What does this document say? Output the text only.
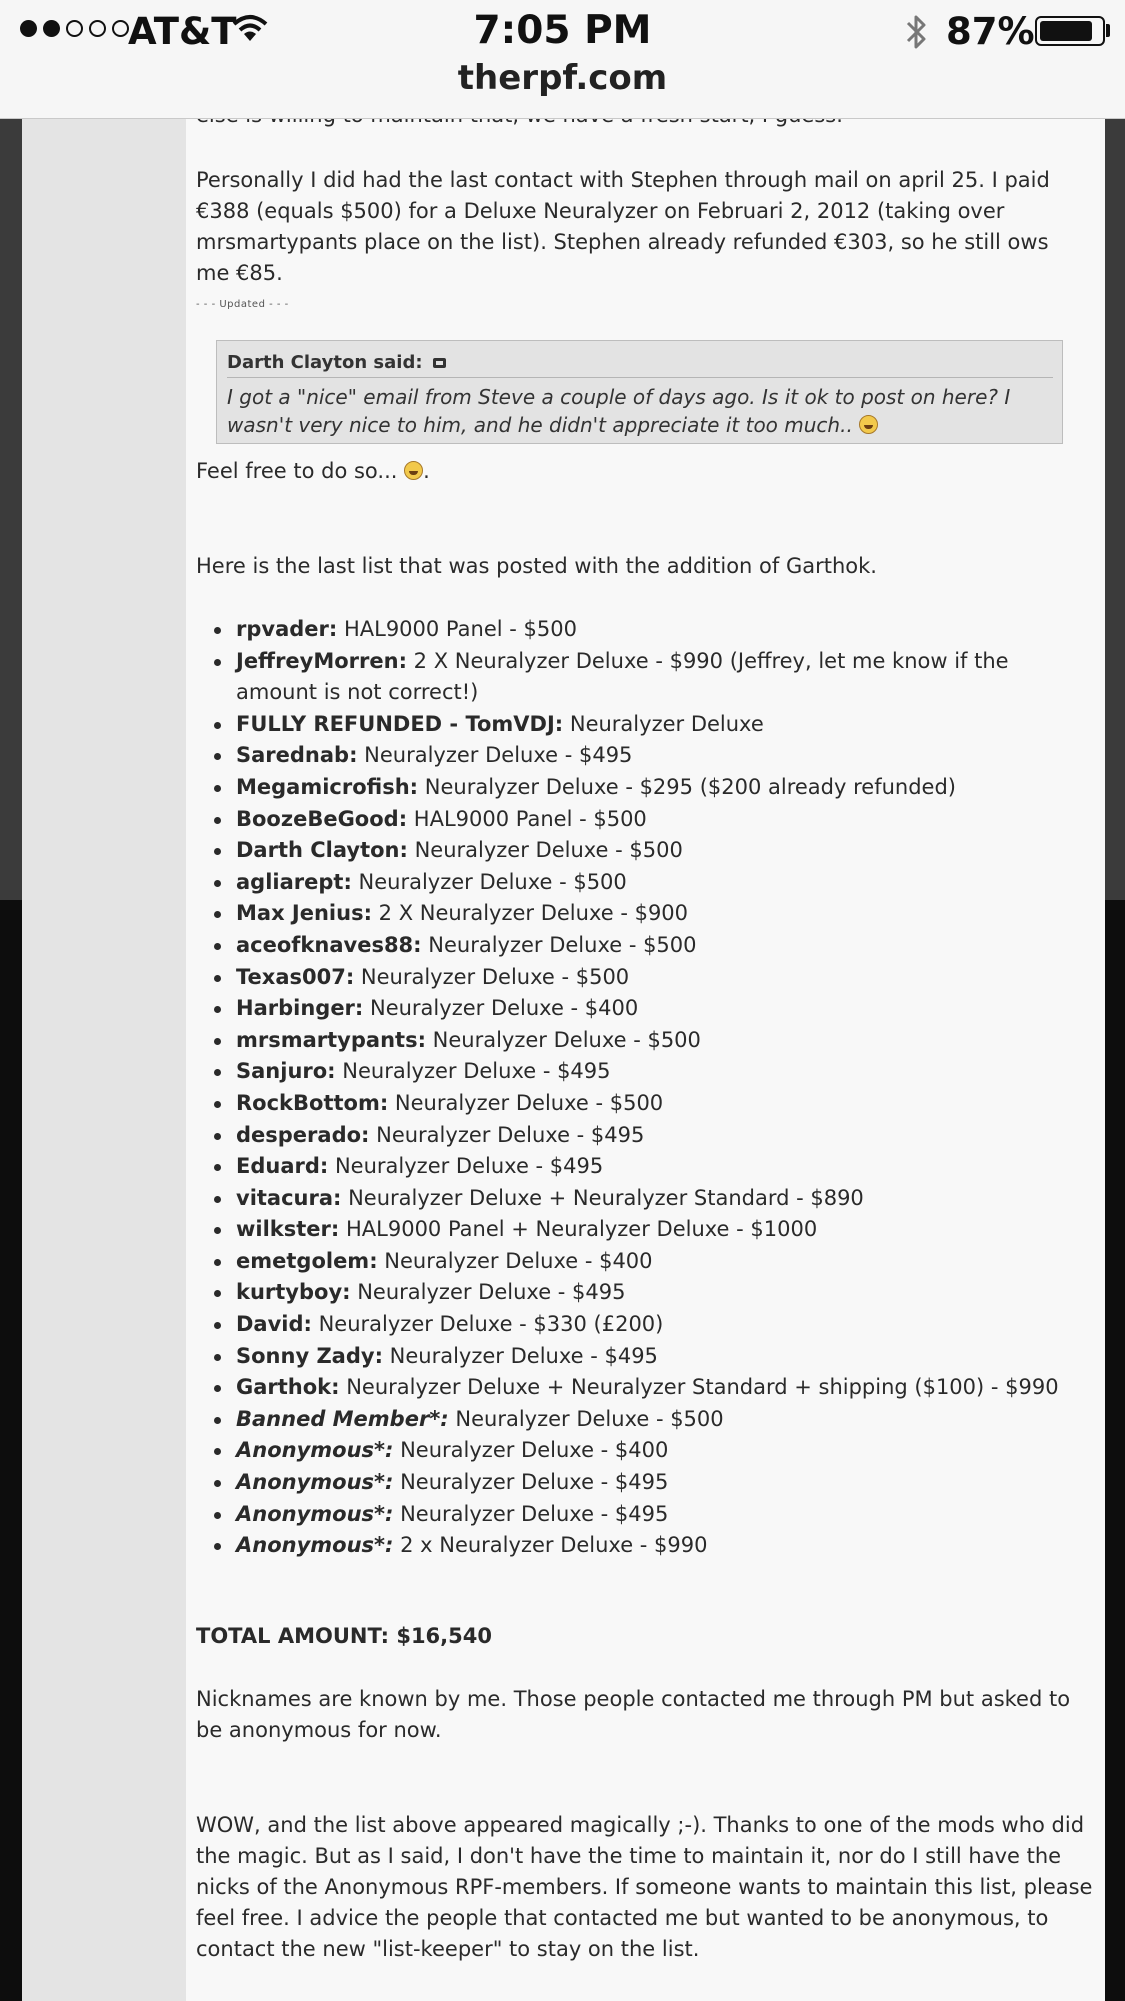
Personally I did had the last contact with Stephen through mail on april 25. I paid €388 (equals $500) for a Deluxe Neuralyzer on Februari 2, 2012 (taking over mrsmartypants place on the list). Stephen already refunded €303, so he still ows me €85.

- - - Updated - - -
Darth Clayton said:
I got a "nice" email from Steve a couple of days ago. Is it ok to post on here? I wasn't very nice to him, and he didn't appreciate it too much..

Feel free to do so... .

Here is the last list that was posted with the addition of Garthok.

rpvader: HAL9000 Panel - $500
JeffreyMorren: 2 X Neuralyzer Deluxe - $990 (Jeffrey, let me know if the amount is not correct!)
FULLY REFUNDED - TomVDJ: Neuralyzer Deluxe
Sarednab: Neuralyzer Deluxe - $495
Megamicrofish: Neuralyzer Deluxe - $295 ($200 already refunded)
BoozeBeGood: HAL9000 Panel - $500
Darth Clayton: Neuralyzer Deluxe - $500
agliarept: Neuralyzer Deluxe - $500
Max Jenius: 2 X Neuralyzer Deluxe - $900
aceofknaves88: Neuralyzer Deluxe - $500
Texas007: Neuralyzer Deluxe - $500
Harbinger: Neuralyzer Deluxe - $400
mrsmartypants: Neuralyzer Deluxe - $500
Sanjuro: Neuralyzer Deluxe - $495
RockBottom: Neuralyzer Deluxe - $500
desperado: Neuralyzer Deluxe - $495
Eduard: Neuralyzer Deluxe - $495
vitacura: Neuralyzer Deluxe + Neuralyzer Standard - $890
wilkster: HAL9000 Panel + Neuralyzer Deluxe - $1000
emetgolem: Neuralyzer Deluxe - $400
kurtyboy: Neuralyzer Deluxe - $495
David: Neuralyzer Deluxe - $330 (£200)
Sonny Zady: Neuralyzer Deluxe - $495
Garthok: Neuralyzer Deluxe + Neuralyzer Standard + shipping ($100) - $990
Banned Member*: Neuralyzer Deluxe - $500
Anonymous*: Neuralyzer Deluxe - $400
Anonymous*: Neuralyzer Deluxe - $495
Anonymous*: Neuralyzer Deluxe - $495
Anonymous*: 2 x Neuralyzer Deluxe - $990

TOTAL AMOUNT: $16,540

Nicknames are known by me. Those people contacted me through PM but asked to be anonymous for now.

WOW, and the list above appeared magically ;-). Thanks to one of the mods who did the magic. But as I said, I don't have the time to maintain it, nor do I still have the nicks of the Anonymous RPF-members. If someone wants to maintain this list, please feel free. I advice the people that contacted me but wanted to be anonymous, to contact the new "list-keeper" to stay on the list.

AT&T	7:05 PM	87%
therpf.com
